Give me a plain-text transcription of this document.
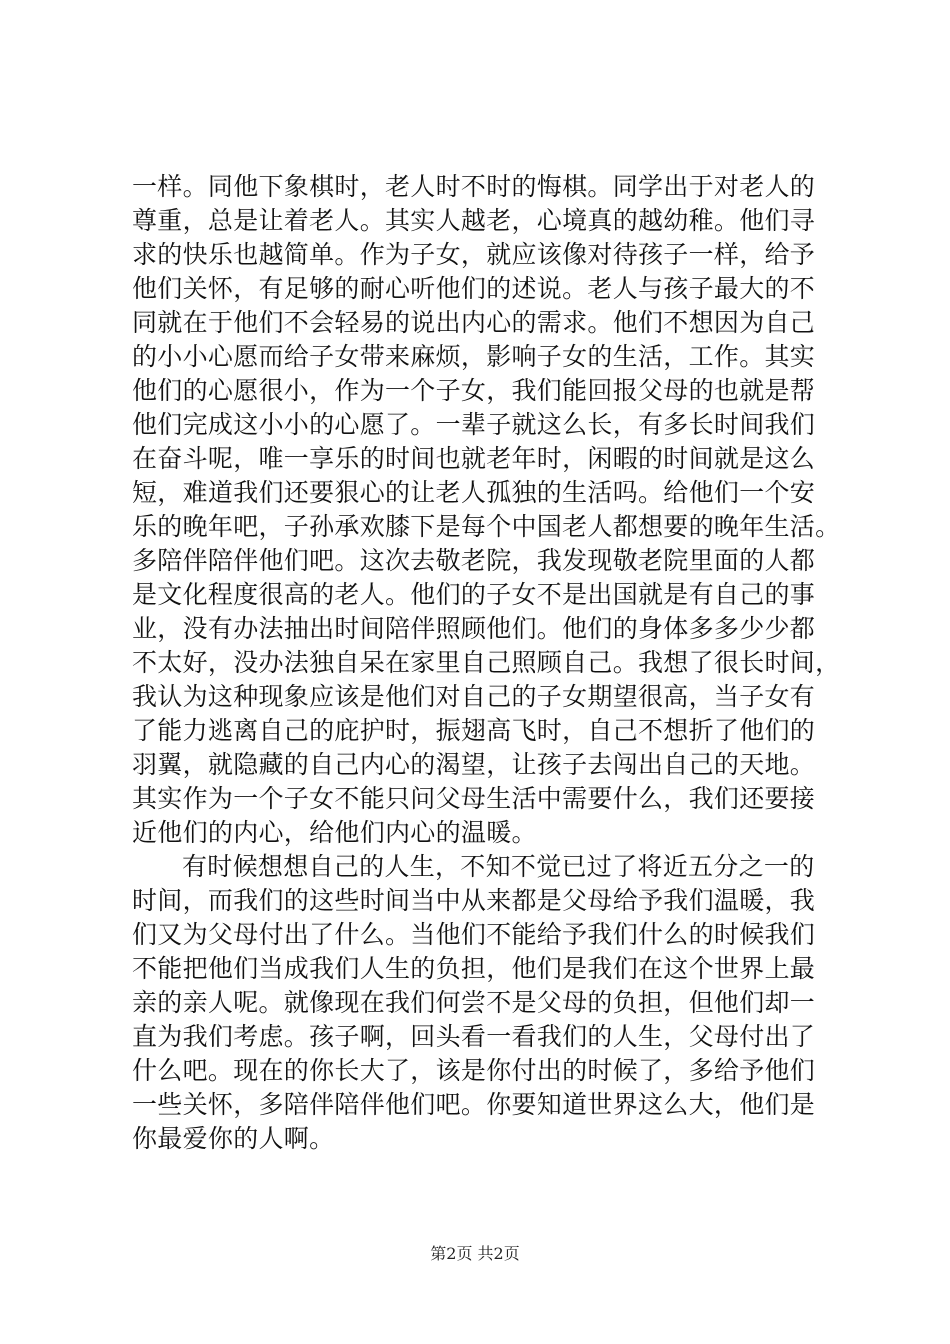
一样。同他下象棋时，老人时不时的悔棋。同学出于对老人的
尊重，总是让着老人。其实人越老，心境真的越幼稚。他们寻
求的快乐也越简单。作为子女，就应该像对待孩子一样，给予
他们关怀，有足够的耐心听他们的述说。老人与孩子最大的不
同就在于他们不会轻易的说出内心的需求。他们不想因为自己
的小小心愿而给子女带来麻烦，影响子女的生活，工作。其实
他们的心愿很小，作为一个子女，我们能回报父母的也就是帮
他们完成这小小的心愿了。一辈子就这么长，有多长时间我们
在奋斗呢，唯一享乐的时间也就老年时，闲暇的时间就是这么
短，难道我们还要狠心的让老人孤独的生活吗。给他们一个安
乐的晚年吧，子孙承欢膝下是每个中国老人都想要的晚年生活。
多陪伴陪伴他们吧。这次去敬老院，我发现敬老院里面的人都
是文化程度很高的老人。他们的子女不是出国就是有自己的事
业，没有办法抽出时间陪伴照顾他们。他们的身体多多少少都
不太好，没办法独自呆在家里自己照顾自己。我想了很长时间，
我认为这种现象应该是他们对自己的子女期望很高，当子女有
了能力逃离自己的庇护时，振翅高飞时，自己不想折了他们的
羽翼，就隐藏的自己内心的渴望，让孩子去闯出自己的天地。
其实作为一个子女不能只问父母生活中需要什么，我们还要接
近他们的内心，给他们内心的温暖。
有时候想想自己的人生，不知不觉已过了将近五分之一的
时间，而我们的这些时间当中从来都是父母给予我们温暖，我
们又为父母付出了什么。当他们不能给予我们什么的时候我们
不能把他们当成我们人生的负担，他们是我们在这个世界上最
亲的亲人呢。就像现在我们何尝不是父母的负担，但他们却一
直为我们考虑。孩子啊，回头看一看我们的人生，父母付出了
什么吧。现在的你长大了，该是你付出的时候了，多给予他们
一些关怀，多陪伴陪伴他们吧。你要知道世界这么大，他们是
你最爱你的人啊。
第2页 共2页
